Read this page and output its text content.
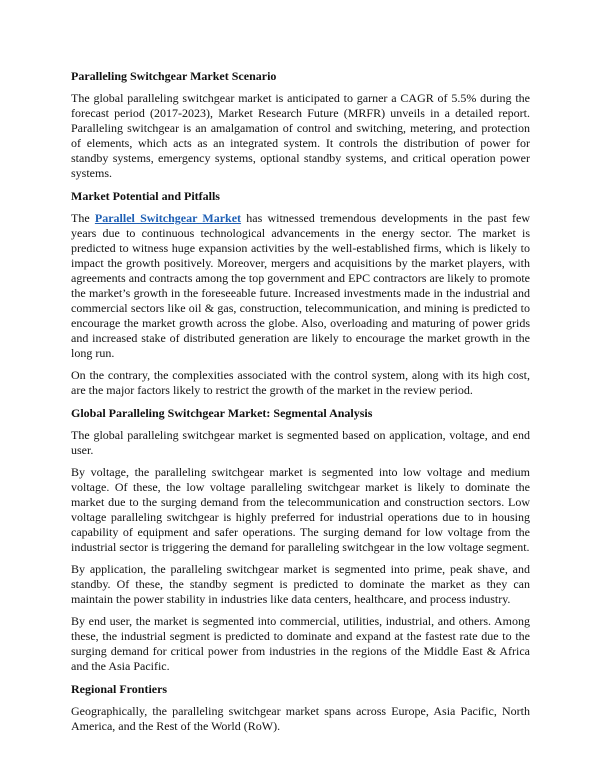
Paralleling Switchgear Market Scenario

The global paralleling switchgear market is anticipated to garner a CAGR of 5.5% during the forecast period (2017-2023), Market Research Future (MRFR) unveils in a detailed report. Paralleling switchgear is an amalgamation of control and switching, metering, and protection of elements, which acts as an integrated system. It controls the distribution of power for standby systems, emergency systems, optional standby systems, and critical operation power systems.

Market Potential and Pitfalls

The Parallel Switchgear Market has witnessed tremendous developments in the past few years due to continuous technological advancements in the energy sector. The market is predicted to witness huge expansion activities by the well-established firms, which is likely to impact the growth positively. Moreover, mergers and acquisitions by the market players, with agreements and contracts among the top government and EPC contractors are likely to promote the market’s growth in the foreseeable future. Increased investments made in the industrial and commercial sectors like oil & gas, construction, telecommunication, and mining is predicted to encourage the market growth across the globe. Also, overloading and maturing of power grids and increased stake of distributed generation are likely to encourage the market growth in the long run.

On the contrary, the complexities associated with the control system, along with its high cost, are the major factors likely to restrict the growth of the market in the review period.

Global Paralleling Switchgear Market: Segmental Analysis

The global paralleling switchgear market is segmented based on application, voltage, and end user.

By voltage, the paralleling switchgear market is segmented into low voltage and medium voltage. Of these, the low voltage paralleling switchgear market is likely to dominate the market due to the surging demand from the telecommunication and construction sectors. Low voltage paralleling switchgear is highly preferred for industrial operations due to in housing capability of equipment and safer operations. The surging demand for low voltage from the industrial sector is triggering the demand for paralleling switchgear in the low voltage segment.

By application, the paralleling switchgear market is segmented into prime, peak shave, and standby. Of these, the standby segment is predicted to dominate the market as they can maintain the power stability in industries like data centers, healthcare, and process industry.

By end user, the market is segmented into commercial, utilities, industrial, and others. Among these, the industrial segment is predicted to dominate and expand at the fastest rate due to the surging demand for critical power from industries in the regions of the Middle East & Africa and the Asia Pacific.

Regional Frontiers

Geographically, the paralleling switchgear market spans across Europe, Asia Pacific, North America, and the Rest of the World (RoW).
